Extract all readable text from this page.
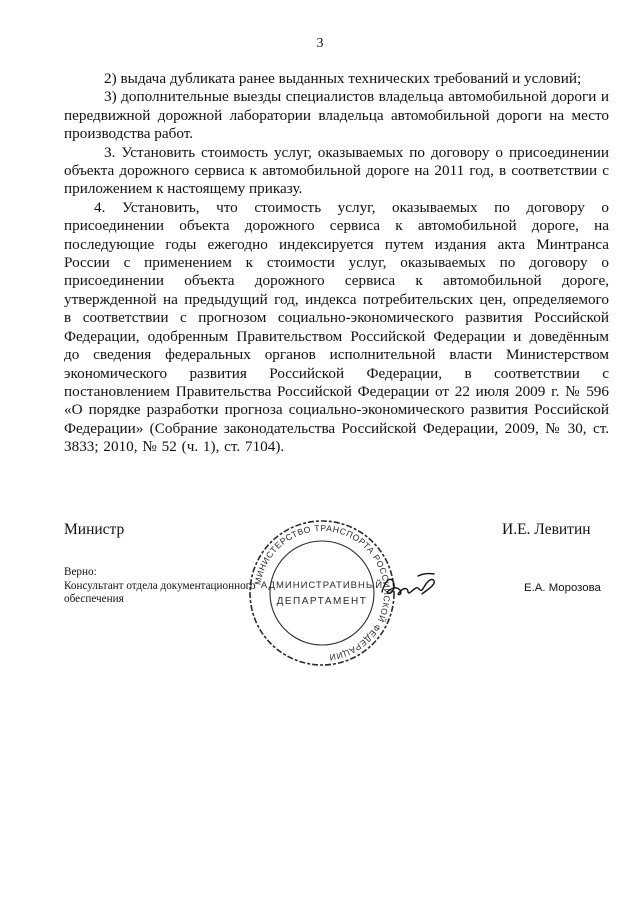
3

2) выдача дубликата ранее выданных технических требований и условий;

3) дополнительные выезды специалистов владельца автомобильной дороги и передвижной дорожной лаборатории владельца автомобильной дороги на место производства работ.

3. Установить стоимость услуг, оказываемых по договору о присоединении объекта дорожного сервиса к автомобильной дороге на 2011 год, в соответствии с приложением к настоящему приказу.

4. Установить, что стоимость услуг, оказываемых по договору о присоединении объекта дорожного сервиса к автомобильной дороге, на последующие годы ежегодно индексируется путем издания акта Минтранса России с применением к стоимости услуг, оказываемых по договору о присоединении объекта дорожного сервиса к автомобильной дороге, утвержденной на предыдущий год, индекса потребительских цен, определяемого в соответствии с прогнозом социально-экономического развития Российской Федерации, одобренным Правительством Российской Федерации и доведённым до сведения федеральных органов исполнительной власти Министерством экономического развития Российской Федерации, в соответствии с постановлением Правительства Российской Федерации от 22 июля 2009 г. № 596 «О порядке разработки прогноза социально-экономического развития Российской Федерации» (Собрание законодательства Российской Федерации, 2009, № 30, ст. 3833; 2010, № 52 (ч. 1), ст. 7104).

Министр	И.Е. Левитин
Верно:
Консультант отдела документационного обеспечения
Е.А. Морозова
МИНИСТЕРСТВО ТРАНСПОРТА РОССИЙСКОЙ ФЕДЕРАЦИИ
АДМИНИСТРАТИВНЫЙ
ДЕПАРТАМЕНТ
